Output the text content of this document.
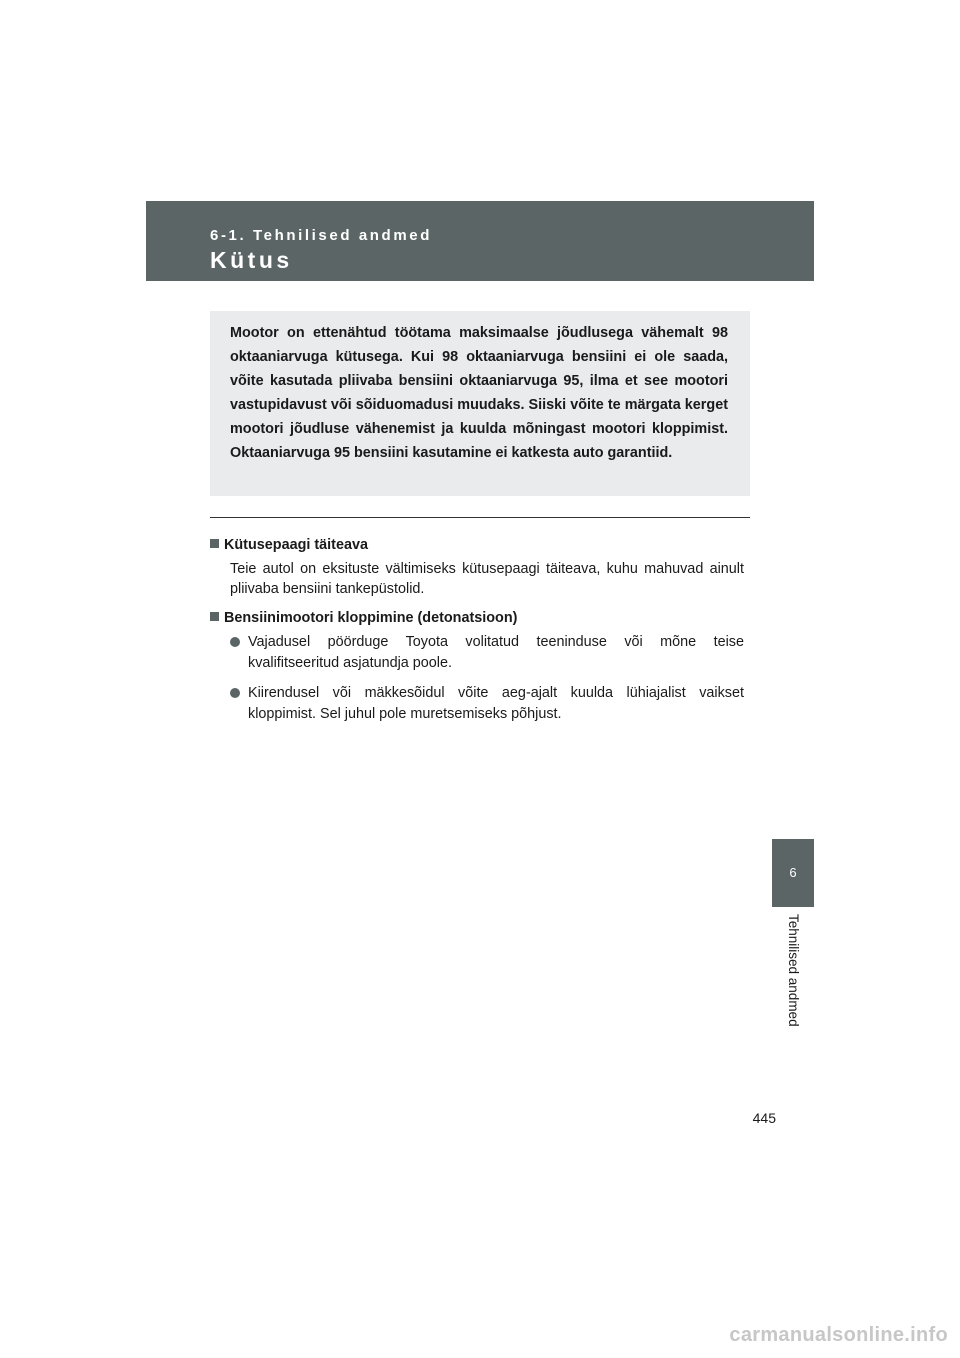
6-1. Tehnilised andmed
Kütus

Mootor on ettenähtud töötama maksimaalse jõudlusega vähemalt 98 oktaaniarvuga kütusega. Kui 98 oktaaniarvuga bensiini ei ole saada, võite kasutada pliivaba bensiini oktaaniarvuga 95, ilma et see mootori vastupidavust või sõiduomadusi muudaks. Siiski võite te märgata kerget mootori jõudluse vähenemist ja kuulda mõningast mootori kloppimist. Oktaaniarvuga 95 bensiini kasutamine ei katkesta auto garantiid.

Kütusepaagi täiteava
Teie autol on eksituste vältimiseks kütusepaagi täiteava, kuhu mahuvad ainult pliivaba bensiini tankepüstolid.
Bensiinimootori kloppimine (detonatsioon)
Vajadusel pöörduge Toyota volitatud teeninduse või mõne teise kvalifitseeritud asjatundja poole.
Kiirendusel või mäkkesõidul võite aeg-ajalt kuulda lühiajalist vaikset kloppimist. Sel juhul pole muretsemiseks põhjust.
6
Tehnilised andmed
445
carmanualsonline.info
